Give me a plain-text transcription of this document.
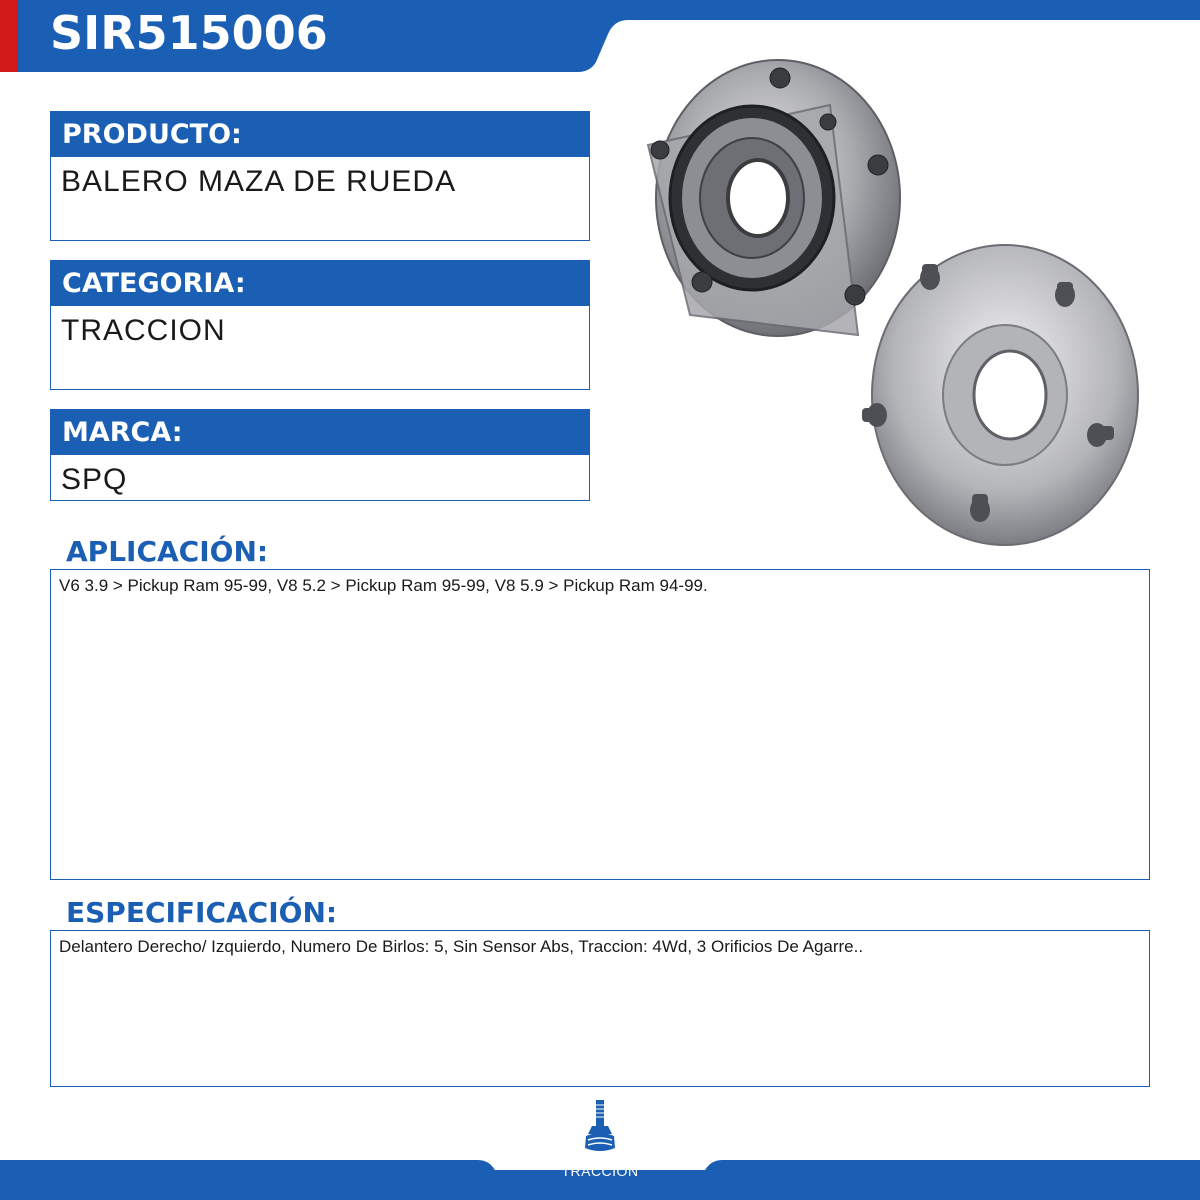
SIR515006
PRODUCTO:
BALERO MAZA DE RUEDA
CATEGORIA:
TRACCION
MARCA:
SPQ
APLICACIÓN:
V6 3.9 > Pickup Ram 95-99, V8 5.2 > Pickup Ram 95-99, V8 5.9 > Pickup Ram 94-99.
ESPECIFICACIÓN:
Delantero Derecho/ Izquierdo, Numero De Birlos: 5, Sin Sensor Abs, Traccion: 4Wd, 3 Orificios De Agarre..
TRACCIÓN
